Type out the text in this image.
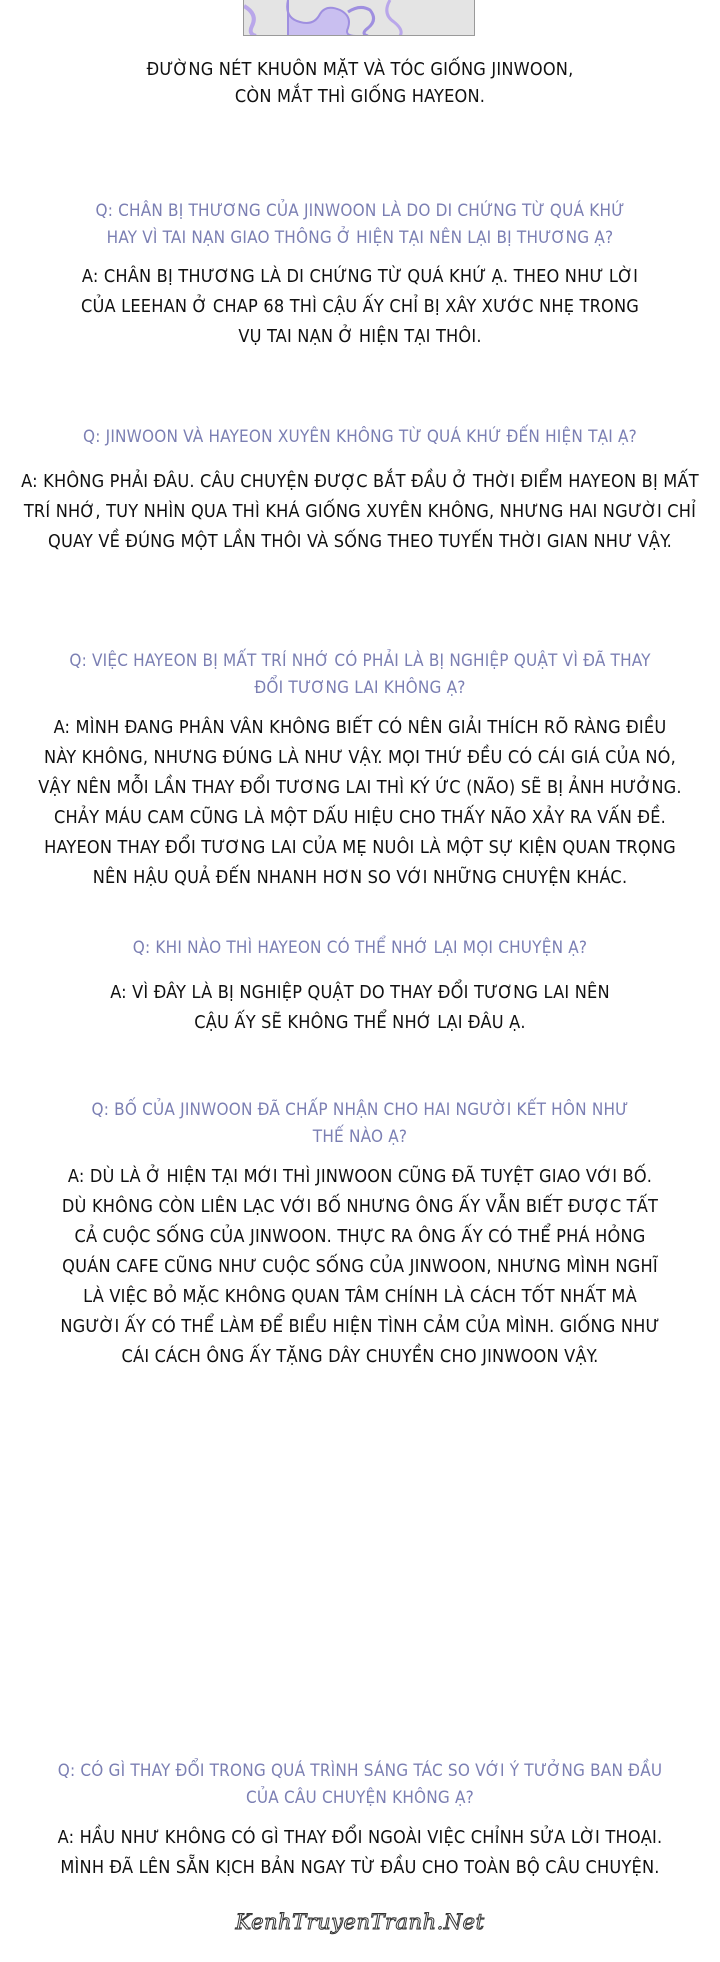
ĐƯỜNG NÉT KHUÔN MẶT VÀ TÓC GIỐNG JINWOON,
CÒN MẮT THÌ GIỐNG HAYEON.
Q: CHÂN BỊ THƯƠNG CỦA JINWOON LÀ DO DI CHỨNG TỪ QUÁ KHỨ
HAY VÌ TAI NẠN GIAO THÔNG Ở HIỆN TẠI NÊN LẠI BỊ THƯƠNG Ạ?
A: CHÂN BỊ THƯƠNG LÀ DI CHỨNG TỪ QUÁ KHỨ Ạ. THEO NHƯ LỜI
CỦA LEEHAN Ở CHAP 68 THÌ CẬU ẤY CHỈ BỊ XÂY XƯỚC NHẸ TRONG
VỤ TAI NẠN Ở HIỆN TẠI THÔI.
Q: JINWOON VÀ HAYEON XUYÊN KHÔNG TỪ QUÁ KHỨ ĐẾN HIỆN TẠI Ạ?
A: KHÔNG PHẢI ĐÂU. CÂU CHUYỆN ĐƯỢC BẮT ĐẦU Ở THỜI ĐIỂM HAYEON BỊ MẤT
TRÍ NHỚ, TUY NHÌN QUA THÌ KHÁ GIỐNG XUYÊN KHÔNG, NHƯNG HAI NGƯỜI CHỈ
QUAY VỀ ĐÚNG MỘT LẦN THÔI VÀ SỐNG THEO TUYẾN THỜI GIAN NHƯ VẬY.
Q: VIỆC HAYEON BỊ MẤT TRÍ NHỚ CÓ PHẢI LÀ BỊ NGHIỆP QUẬT VÌ ĐÃ THAY
ĐỔI TƯƠNG LAI KHÔNG Ạ?
A: MÌNH ĐANG PHÂN VÂN KHÔNG BIẾT CÓ NÊN GIẢI THÍCH RÕ RÀNG ĐIỀU
NÀY KHÔNG, NHƯNG ĐÚNG LÀ NHƯ VẬY. MỌI THỨ ĐỀU CÓ CÁI GIÁ CỦA NÓ,
VẬY NÊN MỖI LẦN THAY ĐỔI TƯƠNG LAI THÌ KÝ ỨC (NÃO) SẼ BỊ ẢNH HƯỞNG.
CHẢY MÁU CAM CŨNG LÀ MỘT DẤU HIỆU CHO THẤY NÃO XẢY RA VẤN ĐỀ.
HAYEON THAY ĐỔI TƯƠNG LAI CỦA MẸ NUÔI LÀ MỘT SỰ KIỆN QUAN TRỌNG
NÊN HẬU QUẢ ĐẾN NHANH HƠN SO VỚI NHỮNG CHUYỆN KHÁC.
Q: KHI NÀO THÌ HAYEON CÓ THỂ NHỚ LẠI MỌI CHUYỆN Ạ?
A: VÌ ĐÂY LÀ BỊ NGHIỆP QUẬT DO THAY ĐỔI TƯƠNG LAI NÊN
CẬU ẤY SẼ KHÔNG THỂ NHỚ LẠI ĐÂU Ạ.
Q: BỐ CỦA JINWOON ĐÃ CHẤP NHẬN CHO HAI NGƯỜI KẾT HÔN NHƯ
THẾ NÀO Ạ?
A: DÙ LÀ Ở HIỆN TẠI MỚI THÌ JINWOON CŨNG ĐÃ TUYỆT GIAO VỚI BỐ.
DÙ KHÔNG CÒN LIÊN LẠC VỚI BỐ NHƯNG ÔNG ẤY VẪN BIẾT ĐƯỢC TẤT
CẢ CUỘC SỐNG CỦA JINWOON. THỰC RA ÔNG ẤY CÓ THỂ PHÁ HỎNG
QUÁN CAFE CŨNG NHƯ CUỘC SỐNG CỦA JINWOON, NHƯNG MÌNH NGHĨ
LÀ VIỆC BỎ MẶC KHÔNG QUAN TÂM CHÍNH LÀ CÁCH TỐT NHẤT MÀ
NGƯỜI ẤY CÓ THỂ LÀM ĐỂ BIỂU HIỆN TÌNH CẢM CỦA MÌNH. GIỐNG NHƯ
CÁI CÁCH ÔNG ẤY TẶNG DÂY CHUYỀN CHO JINWOON VẬY.
Q: CÓ GÌ THAY ĐỔI TRONG QUÁ TRÌNH SÁNG TÁC SO VỚI Ý TƯỞNG BAN ĐẦU
CỦA CÂU CHUYỆN KHÔNG Ạ?
A: HẦU NHƯ KHÔNG CÓ GÌ THAY ĐỔI NGOÀI VIỆC CHỈNH SỬA LỜI THOẠI.
MÌNH ĐÃ LÊN SẴN KỊCH BẢN NGAY TỪ ĐẦU CHO TOÀN BỘ CÂU CHUYỆN.
KenhTruyenTranh.Net
